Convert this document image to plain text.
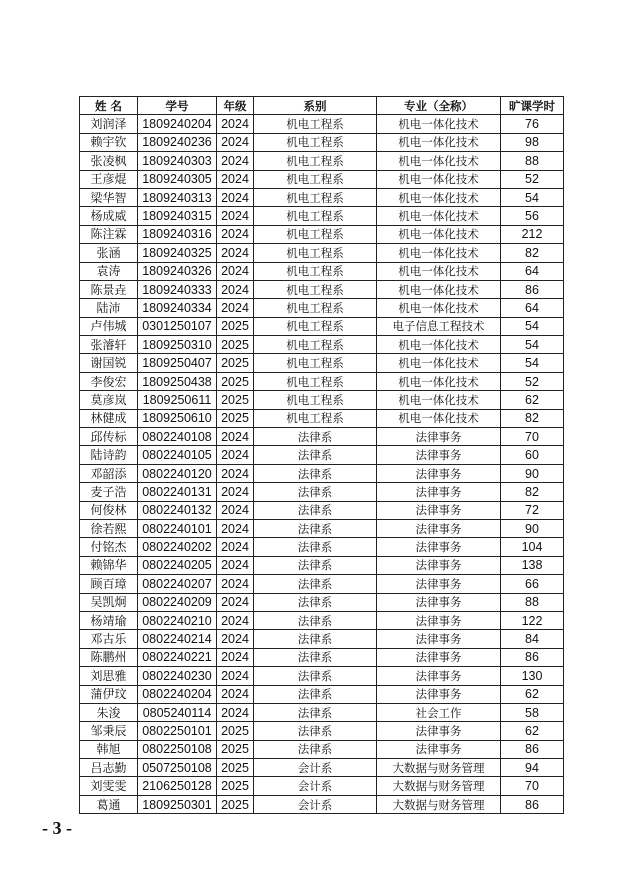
姓 名	学号	年级	系别	专业（全称）	旷课学时
刘润泽	1809240204	2024	机电工程系	机电一体化技术	76
赖宇钦	1809240236	2024	机电工程系	机电一体化技术	98
张凌枫	1809240303	2024	机电工程系	机电一体化技术	88
王彦焜	1809240305	2024	机电工程系	机电一体化技术	52
梁华智	1809240313	2024	机电工程系	机电一体化技术	54
杨成威	1809240315	2024	机电工程系	机电一体化技术	56
陈注霖	1809240316	2024	机电工程系	机电一体化技术	212
张涵	1809240325	2024	机电工程系	机电一体化技术	82
袁涛	1809240326	2024	机电工程系	机电一体化技术	64
陈景垚	1809240333	2024	机电工程系	机电一体化技术	86
陆沛	1809240334	2024	机电工程系	机电一体化技术	64
卢伟城	0301250107	2025	机电工程系	电子信息工程技术	54
张濬轩	1809250310	2025	机电工程系	机电一体化技术	54
谢国锐	1809250407	2025	机电工程系	机电一体化技术	54
李俊宏	1809250438	2025	机电工程系	机电一体化技术	52
莫彦岚	1809250611	2025	机电工程系	机电一体化技术	62
林健成	1809250610	2025	机电工程系	机电一体化技术	82
邱传标	0802240108	2024	法律系	法律事务	70
陆诗韵	0802240105	2024	法律系	法律事务	60
邓韶添	0802240120	2024	法律系	法律事务	90
麦子浩	0802240131	2024	法律系	法律事务	82
何俊林	0802240132	2024	法律系	法律事务	72
徐若熙	0802240101	2024	法律系	法律事务	90
付铭杰	0802240202	2024	法律系	法律事务	104
赖锦华	0802240205	2024	法律系	法律事务	138
顾百璋	0802240207	2024	法律系	法律事务	66
吴凯炯	0802240209	2024	法律系	法律事务	88
杨靖瑜	0802240210	2024	法律系	法律事务	122
邓古乐	0802240214	2024	法律系	法律事务	84
陈鹏州	0802240221	2024	法律系	法律事务	86
刘思雅	0802240230	2024	法律系	法律事务	130
蒲伊玟	0802240204	2024	法律系	法律事务	62
朱浚	0805240114	2024	法律系	社会工作	58
邹秉辰	0802250101	2025	法律系	法律事务	62
韩旭	0802250108	2025	法律系	法律事务	86
吕志勤	0507250108	2025	会计系	大数据与财务管理	94
刘雯雯	2106250128	2025	会计系	大数据与财务管理	70
葛通	1809250301	2025	会计系	大数据与财务管理	86
- 3 -
